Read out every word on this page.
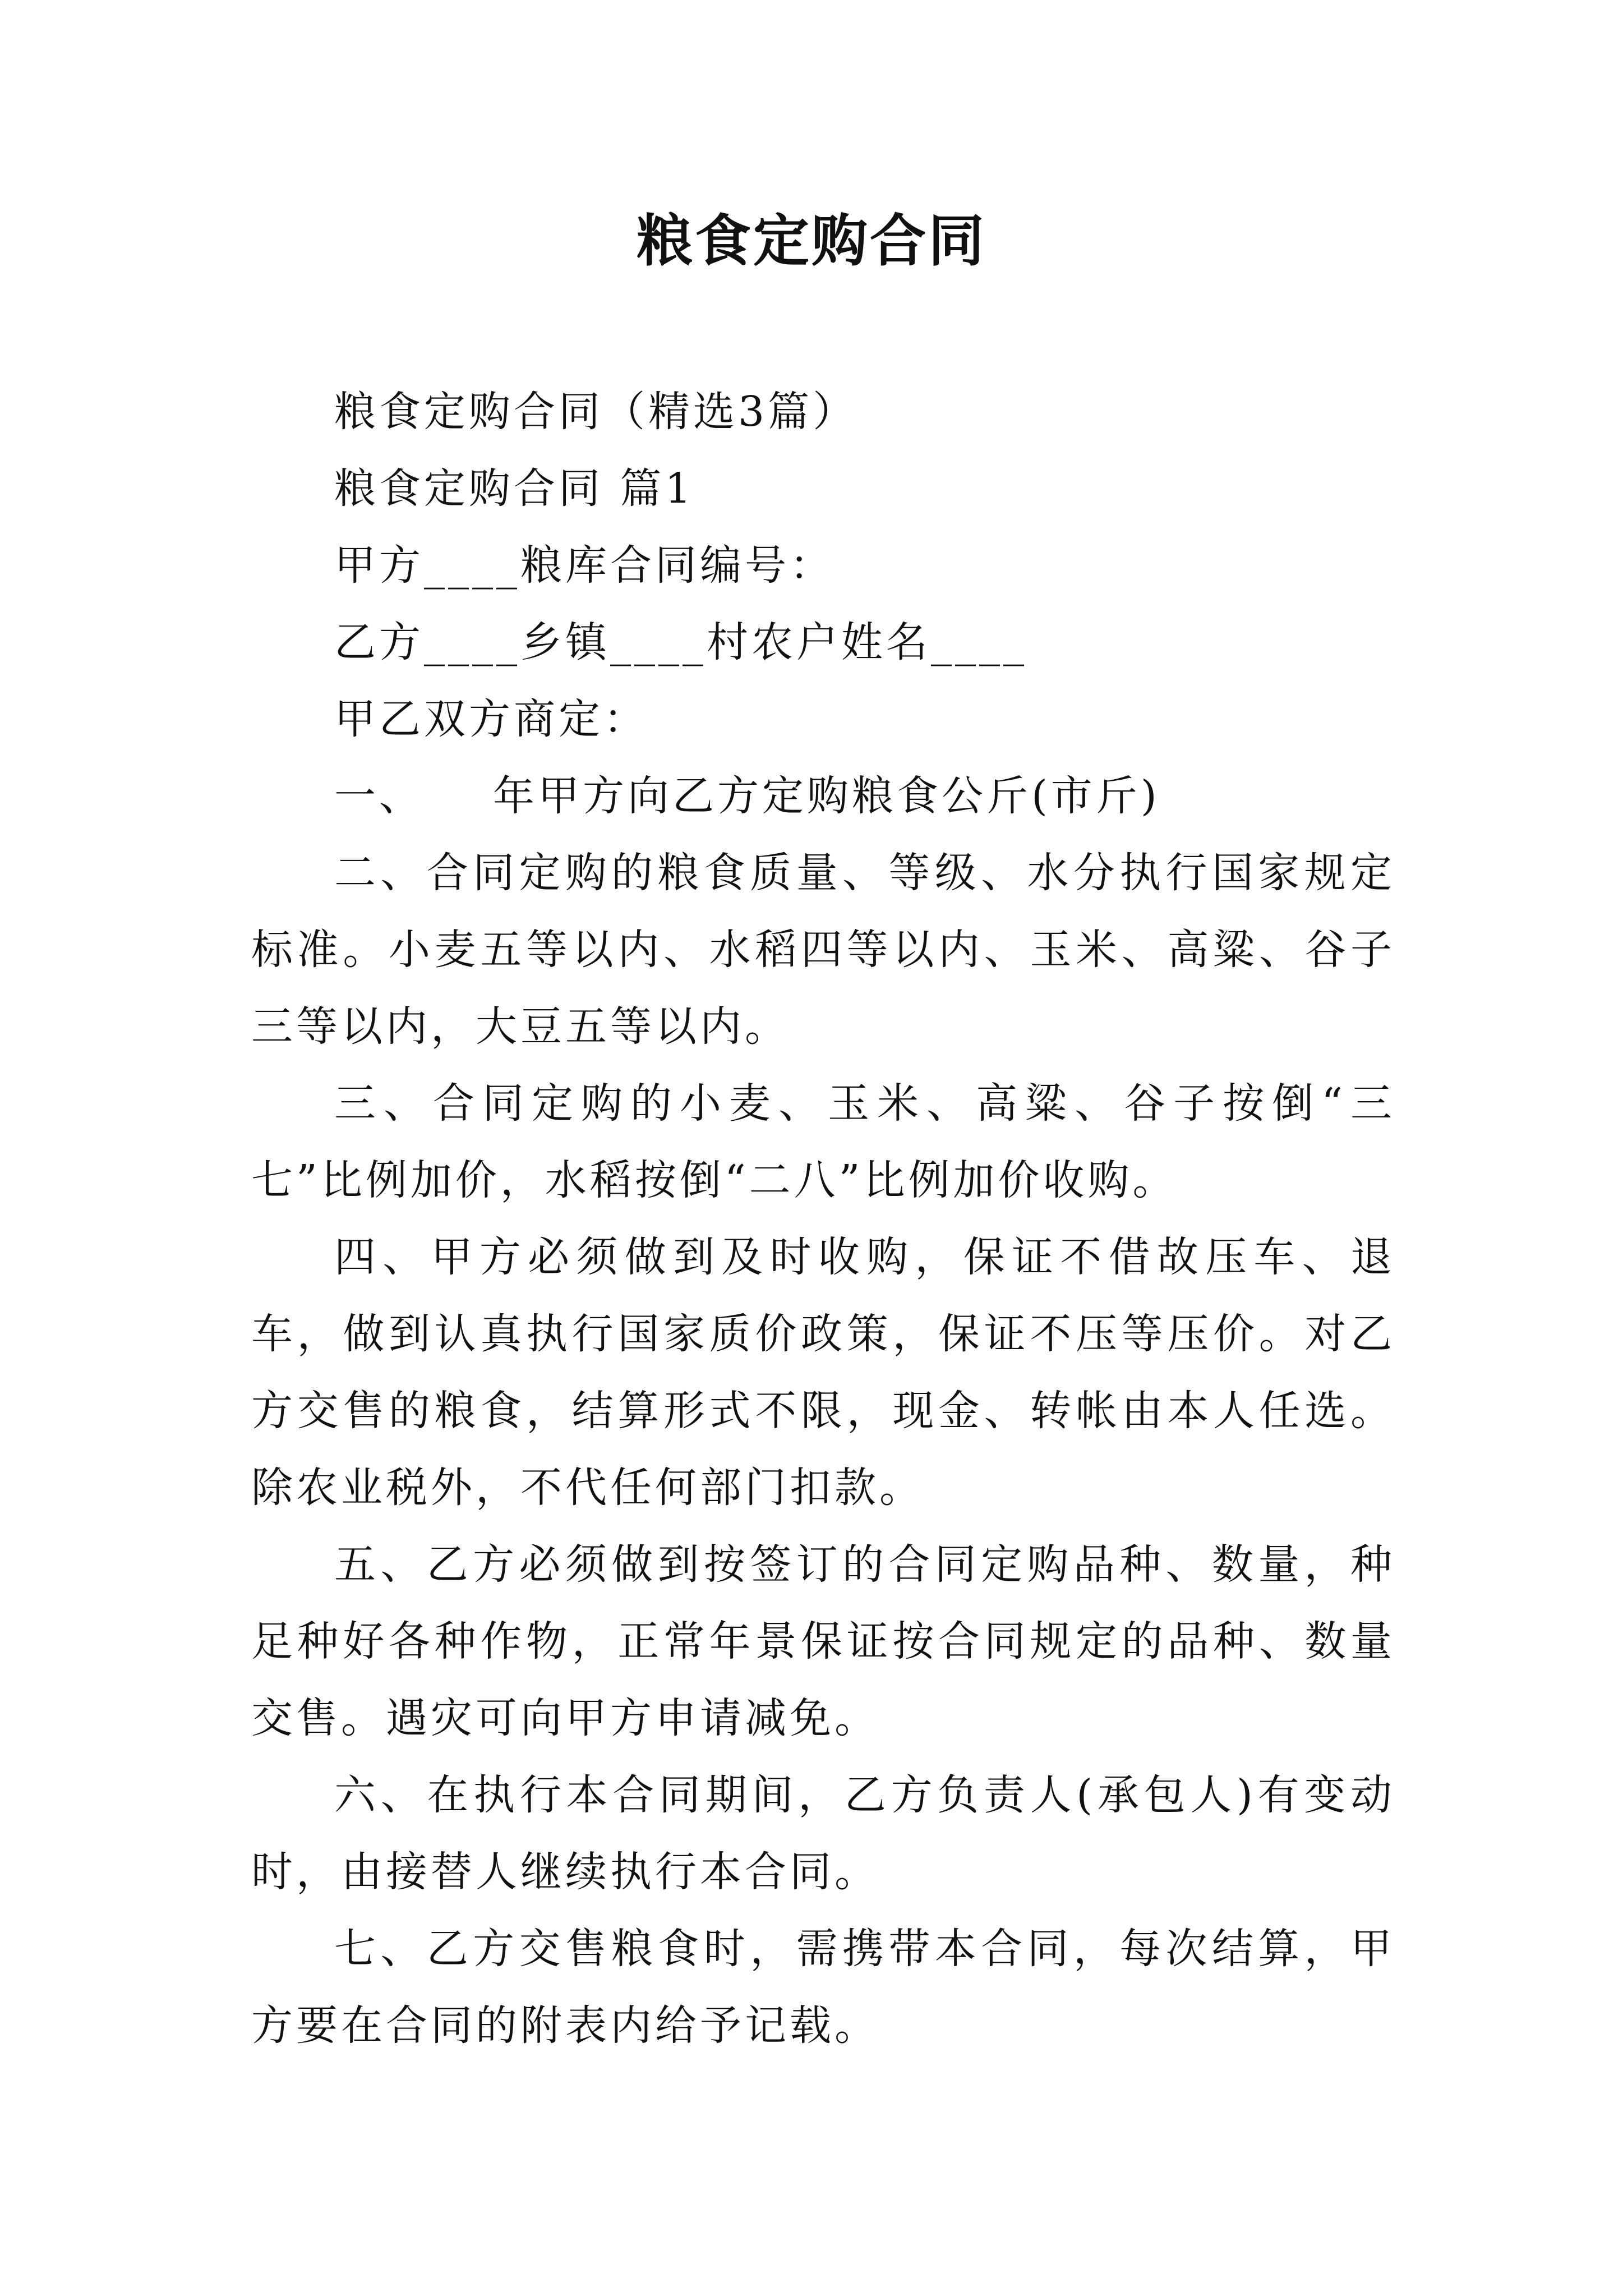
粮食定购合同

粮食定购合同（精选3篇）

粮食定购合同 篇1

甲方____粮库合同编号：

乙方____乡镇____村农户姓名____

甲乙双方商定：

一、　　年甲方向乙方定购粮食公斤(市斤)

二、合同定购的粮食质量、等级、水分执行国家规定标准。小麦五等以内、水稻四等以内、玉米、高粱、谷子三等以内，大豆五等以内。

三、合同定购的小麦、玉米、高粱、谷子按倒“三七”比例加价，水稻按倒“二八”比例加价收购。

四、甲方必须做到及时收购，保证不借故压车、退车，做到认真执行国家质价政策，保证不压等压价。对乙方交售的粮食，结算形式不限，现金、转帐由本人任选。除农业税外，不代任何部门扣款。

五、乙方必须做到按签订的合同定购品种、数量，种足种好各种作物，正常年景保证按合同规定的品种、数量交售。遇灾可向甲方申请减免。

六、在执行本合同期间，乙方负责人(承包人)有变动时，由接替人继续执行本合同。

七、乙方交售粮食时，需携带本合同，每次结算，甲方要在合同的附表内给予记载。
